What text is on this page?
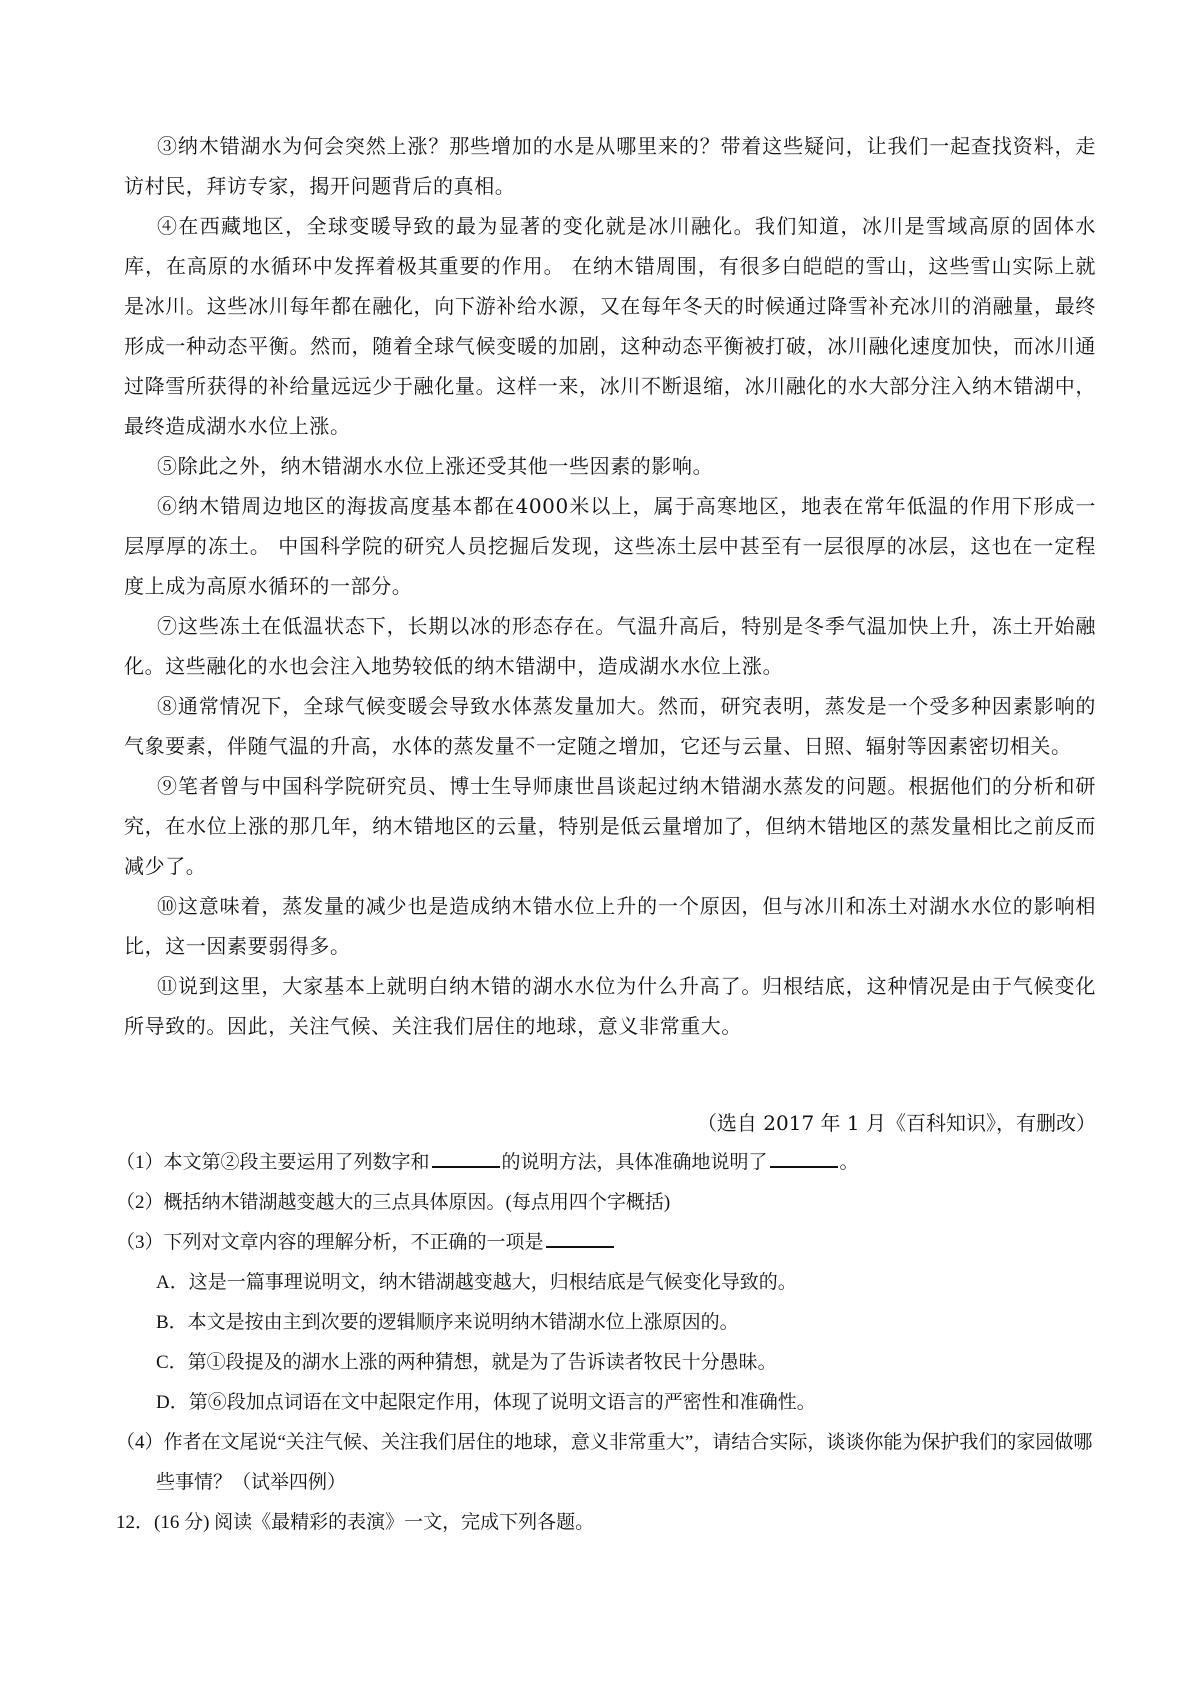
③纳木错湖水为何会突然上涨？那些增加的水是从哪里来的？带着这些疑问，让我们一起查找资料，走访村民，拜访专家，揭开问题背后的真相。

④在西藏地区，全球变暖导致的最为显著的变化就是冰川融化。我们知道，冰川是雪域高原的固体水库，在高原的水循环中发挥着极其重要的作用。 在纳木错周围，有很多白皑皑的雪山，这些雪山实际上就是冰川。这些冰川每年都在融化，向下游补给水源，又在每年冬天的时候通过降雪补充冰川的消融量，最终形成一种动态平衡。然而，随着全球气候变暖的加剧，这种动态平衡被打破，冰川融化速度加快，而冰川通过降雪所获得的补给量远远少于融化量。这样一来，冰川不断退缩，冰川融化的水大部分注入纳木错湖中，最终造成湖水水位上涨。

⑤除此之外，纳木错湖水水位上涨还受其他一些因素的影响。

⑥纳木错周边地区的海拔高度基本都在4000米以上，属于高寒地区，地表在常年低温的作用下形成一层厚厚的冻土。 中国科学院的研究人员挖掘后发现，这些冻土层中甚至有一层很厚的冰层，这也在一定程度上成为高原水循环的一部分。

⑦这些冻土在低温状态下，长期以冰的形态存在。气温升高后，特别是冬季气温加快上升，冻土开始融化。这些融化的水也会注入地势较低的纳木错湖中，造成湖水水位上涨。

⑧通常情况下，全球气候变暖会导致水体蒸发量加大。然而，研究表明，蒸发是一个受多种因素影响的气象要素，伴随气温的升高，水体的蒸发量不一定随之增加，它还与云量、日照、辐射等因素密切相关。

⑨笔者曾与中国科学院研究员、博士生导师康世昌谈起过纳木错湖水蒸发的问题。根据他们的分析和研究，在水位上涨的那几年，纳木错地区的云量，特别是低云量增加了，但纳木错地区的蒸发量相比之前反而减少了。

⑩这意味着，蒸发量的减少也是造成纳木错水位上升的一个原因，但与冰川和冻土对湖水水位的影响相比，这一因素要弱得多。

⑪说到这里，大家基本上就明白纳木错的湖水水位为什么升高了。归根结底，这种情况是由于气候变化所导致的。因此，关注气候、关注我们居住的地球，意义非常重大。

（选自 2017 年 1 月《百科知识》，有删改）

（1）本文第②段主要运用了列数字和	的说明方法，具体准确地说明了	。

（2）概括纳木错湖越变越大的三点具体原因。(每点用四个字概括)

（3）下列对文章内容的理解分析，不正确的一项是

A．这是一篇事理说明文，纳木错湖越变越大，归根结底是气候变化导致的。

B．本文是按由主到次要的逻辑顺序来说明纳木错湖水位上涨原因的。

C．第①段提及的湖水上涨的两种猜想，就是为了告诉读者牧民十分愚昧。

D．第⑥段加点词语在文中起限定作用，体现了说明文语言的严密性和准确性。

（4）作者在文尾说“关注气候、关注我们居住的地球，意义非常重大”，请结合实际，谈谈你能为保护我们的家园做哪些事情？（试举四例）

12．(16 分) 阅读《最精彩的表演》一文，完成下列各题。
